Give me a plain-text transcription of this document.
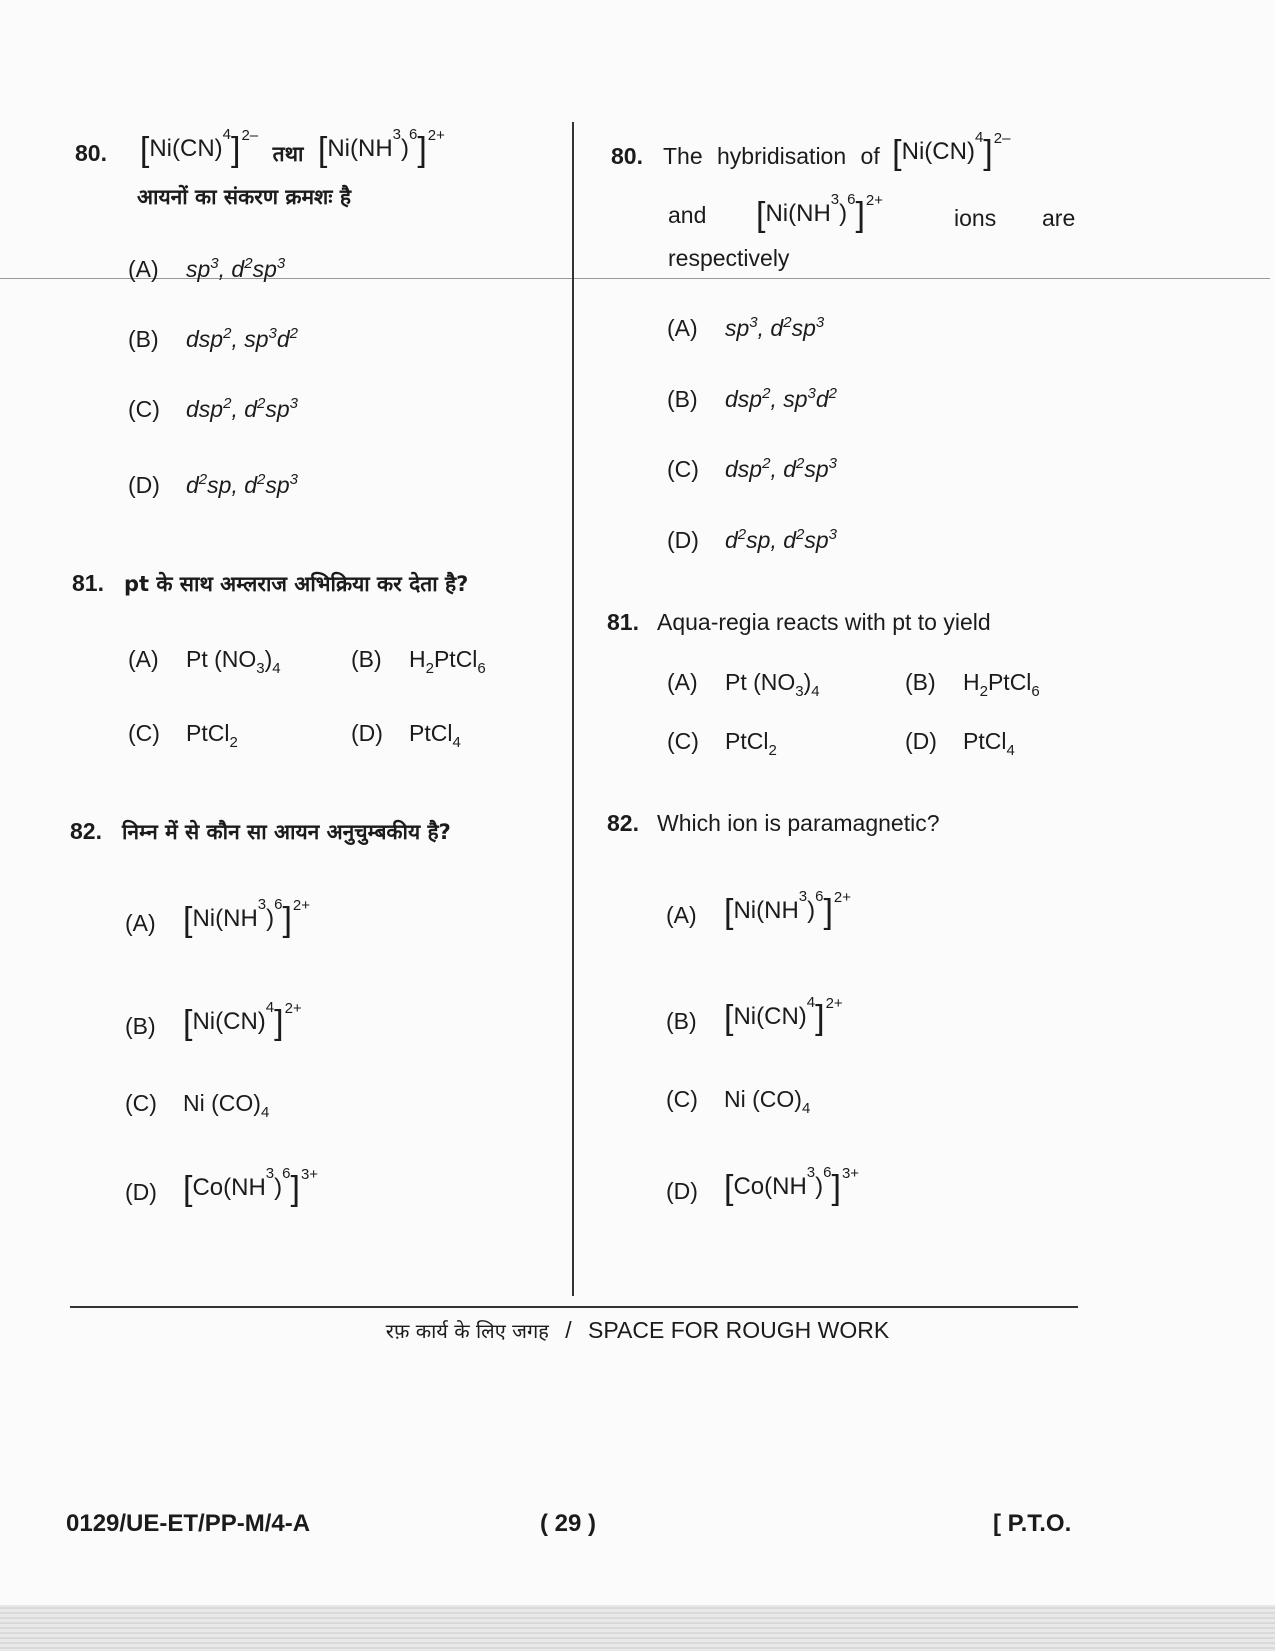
80. [ Ni(CN)
4 ] 2–
तथा [ Ni(NH
3
)
6 ] 2+
आयनों का संकरण क्रमशः है
(A) $sp^3$, $d^2sp^3$
(B) dsp$^2$, $sp^3d^2$
(C) dsp$^2$, $d^2sp^3$
(D) $d^2sp$, $d^2sp^3$
81. pt के साथ अम्लराज अभिक्रिया कर देता है?
(A) Pt $(NO_3)_4$	(B) $H_2PtCl_6$
(C) PtCl$_2$	(D) PtCl$_4$
82. निम्न में से कौन सा आयन अनुचुम्बकीय है?
(A) [ Ni(NH
3
)
6 ] 2+
(B) [ Ni(CN)
4 ] 2+
(C) Ni $(CO)_4$
(D) [ Co(NH
3
)
6 ] 3+
80. The hybridisation of [ Ni(CN)
4 ] 2–
and [ Ni(NH
3
)
6 ] 2+
ions are
respectively
(A) $sp^3$, $d^2sp^3$
(B) dsp$^2$, $sp^3d^2$
(C) dsp$^2$, $d^2sp^3$
(D) $d^2sp$, $d^2sp^3$
81. Aqua-regia reacts with pt to yield
(A) Pt $(NO_3)_4$	(B) $H_2PtCl_6$
(C) PtCl$_2$	(D) PtCl$_4$
82. Which ion is paramagnetic?
(A) [ Ni(NH
3
)
6 ] 2+
(B) [ Ni(CN)
4 ] 2+
(C) Ni $(CO)_4$
(D) [ Co(NH
3
)
6 ] 3+
रफ़ कार्य के लिए जगह / SPACE FOR ROUGH WORK
0129/UE-ET/PP-M/4-A	( 29 )	[ P.T.O.
